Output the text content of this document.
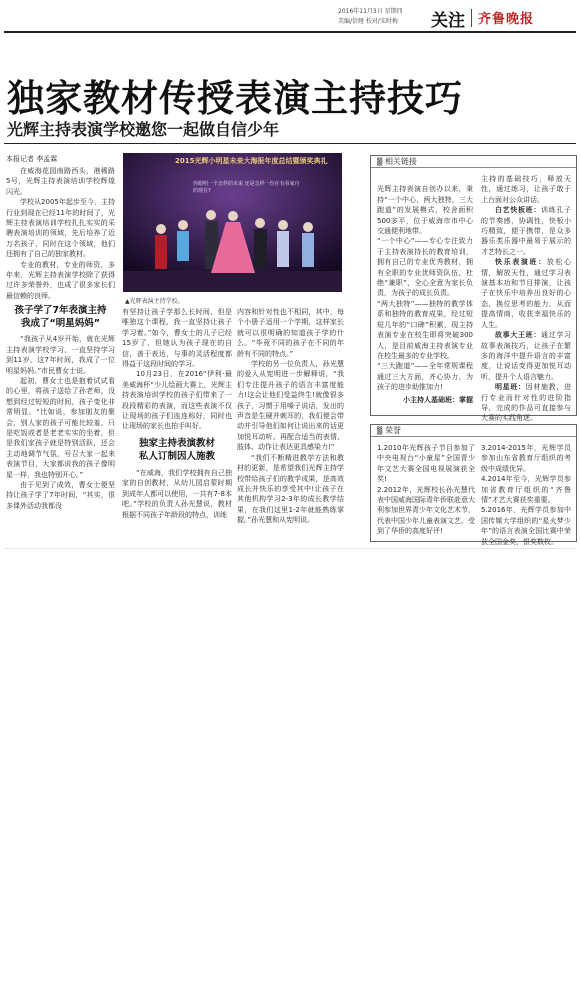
2016年11月3日 星期四
美编/信娅 校对/宋时梅 关注 齐鲁晚报
独家教材传授表演主持技巧
光辉主持表演学校邀您一起做自信少年
本报记者 李孟霖

在威海花园南路西头，港稀路5号，光辉主持表演培训学校辉煌闪光。

学校从2005年起步至今，主持行业到现在已经11年的时间了，光辉主持表演培训学校扎扎实实的采聘表演培训的领域，先后培养了近万名孩子，同时在这个领域，他们还拥有了自己的独家教材。

专业的教材，专业的师资，多年来，光辉主持表演学校除了获得过许多荣誉外，也成了很多家长们最信赖的良师。

孩子学了7年表演主持
我成了“明星妈妈”

“我孩子从4岁开始，就在光辉主持表演学校学习，一直坚持学习到11岁，这7年时间，我成了一位明星妈妈。”市民曹女士说。

起初，曹女士也是抱着试试看的心里，将孩子送给了孙老师，没想到经过短短的时间，孩子变化非常明显。“比如说，参加朋友的聚会，别人家的孩子可能比较羞，只是吃饭或者是老老实实的坐着，但是我们家孩子就是特别活跃，还会主动地调节气氛，号召大家一起来表演节目，大家都说我的孩子像明星一样，我也特别开心。”

由于见到了成效，曹女士便坚持让孩子学了7年时间，“其实，很多课外活动我都没

2015光辉小明星未来大海报年度总结暨颁奖典礼
你眼明一个怎样的未来 还是怎样一份在有看家自的现在?
▲光辉表演主持学校。

有坚持让孩子学那么长时间，但是唯独这个课程，我一直坚持让孩子学习着。”如今，曹女士的儿子已经15岁了，但她认为孩子现在的自信，善于表达，与事的灵活程度都得益于这段时间的学习。

10月23日，在2016“伊利·最美威海杯”少儿绘画大赛上，光辉主持表演培训学校的孩子们带来了一段段精彩的表演，而这些表演不仅让现场的孩子们连连称好，同时也让现场的家长也拍手叫好。

独家主持表演教材
私人订制因人施教

“在威海，我们学校拥有自己独家的自创教材，从幼儿园启蒙时期到成年人都可以使用，一共有7-8本吧。”学校的负责人孙光慧说，教材根据不同孩子年龄段的特点，训练

内容和针对性也不相同，其中，每个小册子适用一个学期，这样家长就可以很明确的知道孩子学的什么。“毕竟不同的孩子在不同的年龄有不同的特点。”

学校的另一位负责人，孙光慧的爱人从宪明进一步解释说，“我们专注提升孩子的语言丰富度能力!这会让他们受益终生!就像很多孩子，习惯于用嗓子说话，发出的声音是生硬并刺耳的，我们便会带动并引导他们如何让说出来的话更加悦耳动听。再配合适当的表情、肢体、动作让表达更具感染力!”

“我们不断精进教学方法和教材的更新，是希望我们光辉主持学校带给孩子们的教学成果，是高效成长并快乐的享受其中!让孩子在其他机构学习2-3年的成长教学结果，在我们这里1-2年就能熟练掌握。”孙光慧和从宪明说。

▒ 相关链接

光辉主持表演自创办以来，秉持“一个中心，两大独特，三大跑道”的发展模式，校舍面积500多平，位于威海市市中心交通便利地带。
“一个中心”——专心专注致力于主持表演持长的教育培训，拥有自己的专业优秀教材，拥有全职的专业优师资队伍，杜绝“兼职”，全心全意为家长负责，为孩子的成长负责。
“两大独特”——独特的教学体系和独特的教育成果，经过短短几年的“口碑”积累，现主持表演专业在校生即将突破300人，是目前威海主持表演专业在校生最多的专业学校。
“三大跑道”——全年常规课程通过三大方面，齐心协力，为孩子的进步助推加力!

小主持人基础班：掌握

主持的基础技巧，释放天性，通过练习，让孩子敢于上台面对公众讲话。

白艺快板班：训练孔子的节奏感，协调性，快板小巧精致，便于携带，是众多器乐类乐器中最易于展示的才艺特长之一。

快乐表演班：放松心情，解放天性，通过学习表演基本功和节目排演，让孩子在快乐中培养出良好的心态，换位思考的能力，从而提高情商，收获幸福快乐的人生。

故事大王班：通过学习故事表演技巧，让孩子在繁多的海洋中提升语言的丰富度，让说话变得更加悦耳动听，提升个人语言魅力。

明星班：因材施教，进行专业而针对性的进阶指导，完成的作品可直接参与大赛的实践角逐。

▒ 荣誉
1.2010年光辉孩子节目参加了中央电视台“小童星”全国青少年文艺大赛全国电视展演获全奖!
2.2012年，光辉校长孙光慧代表中国威海国际青年侨联赴意大利参加世界青少年文化艺术节，代表中国少年儿童表演文艺，受到了华侨的高度好评!
3.2014-2015年，光辉学员参加山东省教育厅组织的考级中成绩优异。
4.2014年至今，光辉学员参加省教育厅组织的“齐鲁情”才艺大赛获奖重要。
5.2016年，光辉学员参加中国传媒大学组织的“星火梦少年”的语言表演全国比赛中荣获全国金奖，银奖数枚。
